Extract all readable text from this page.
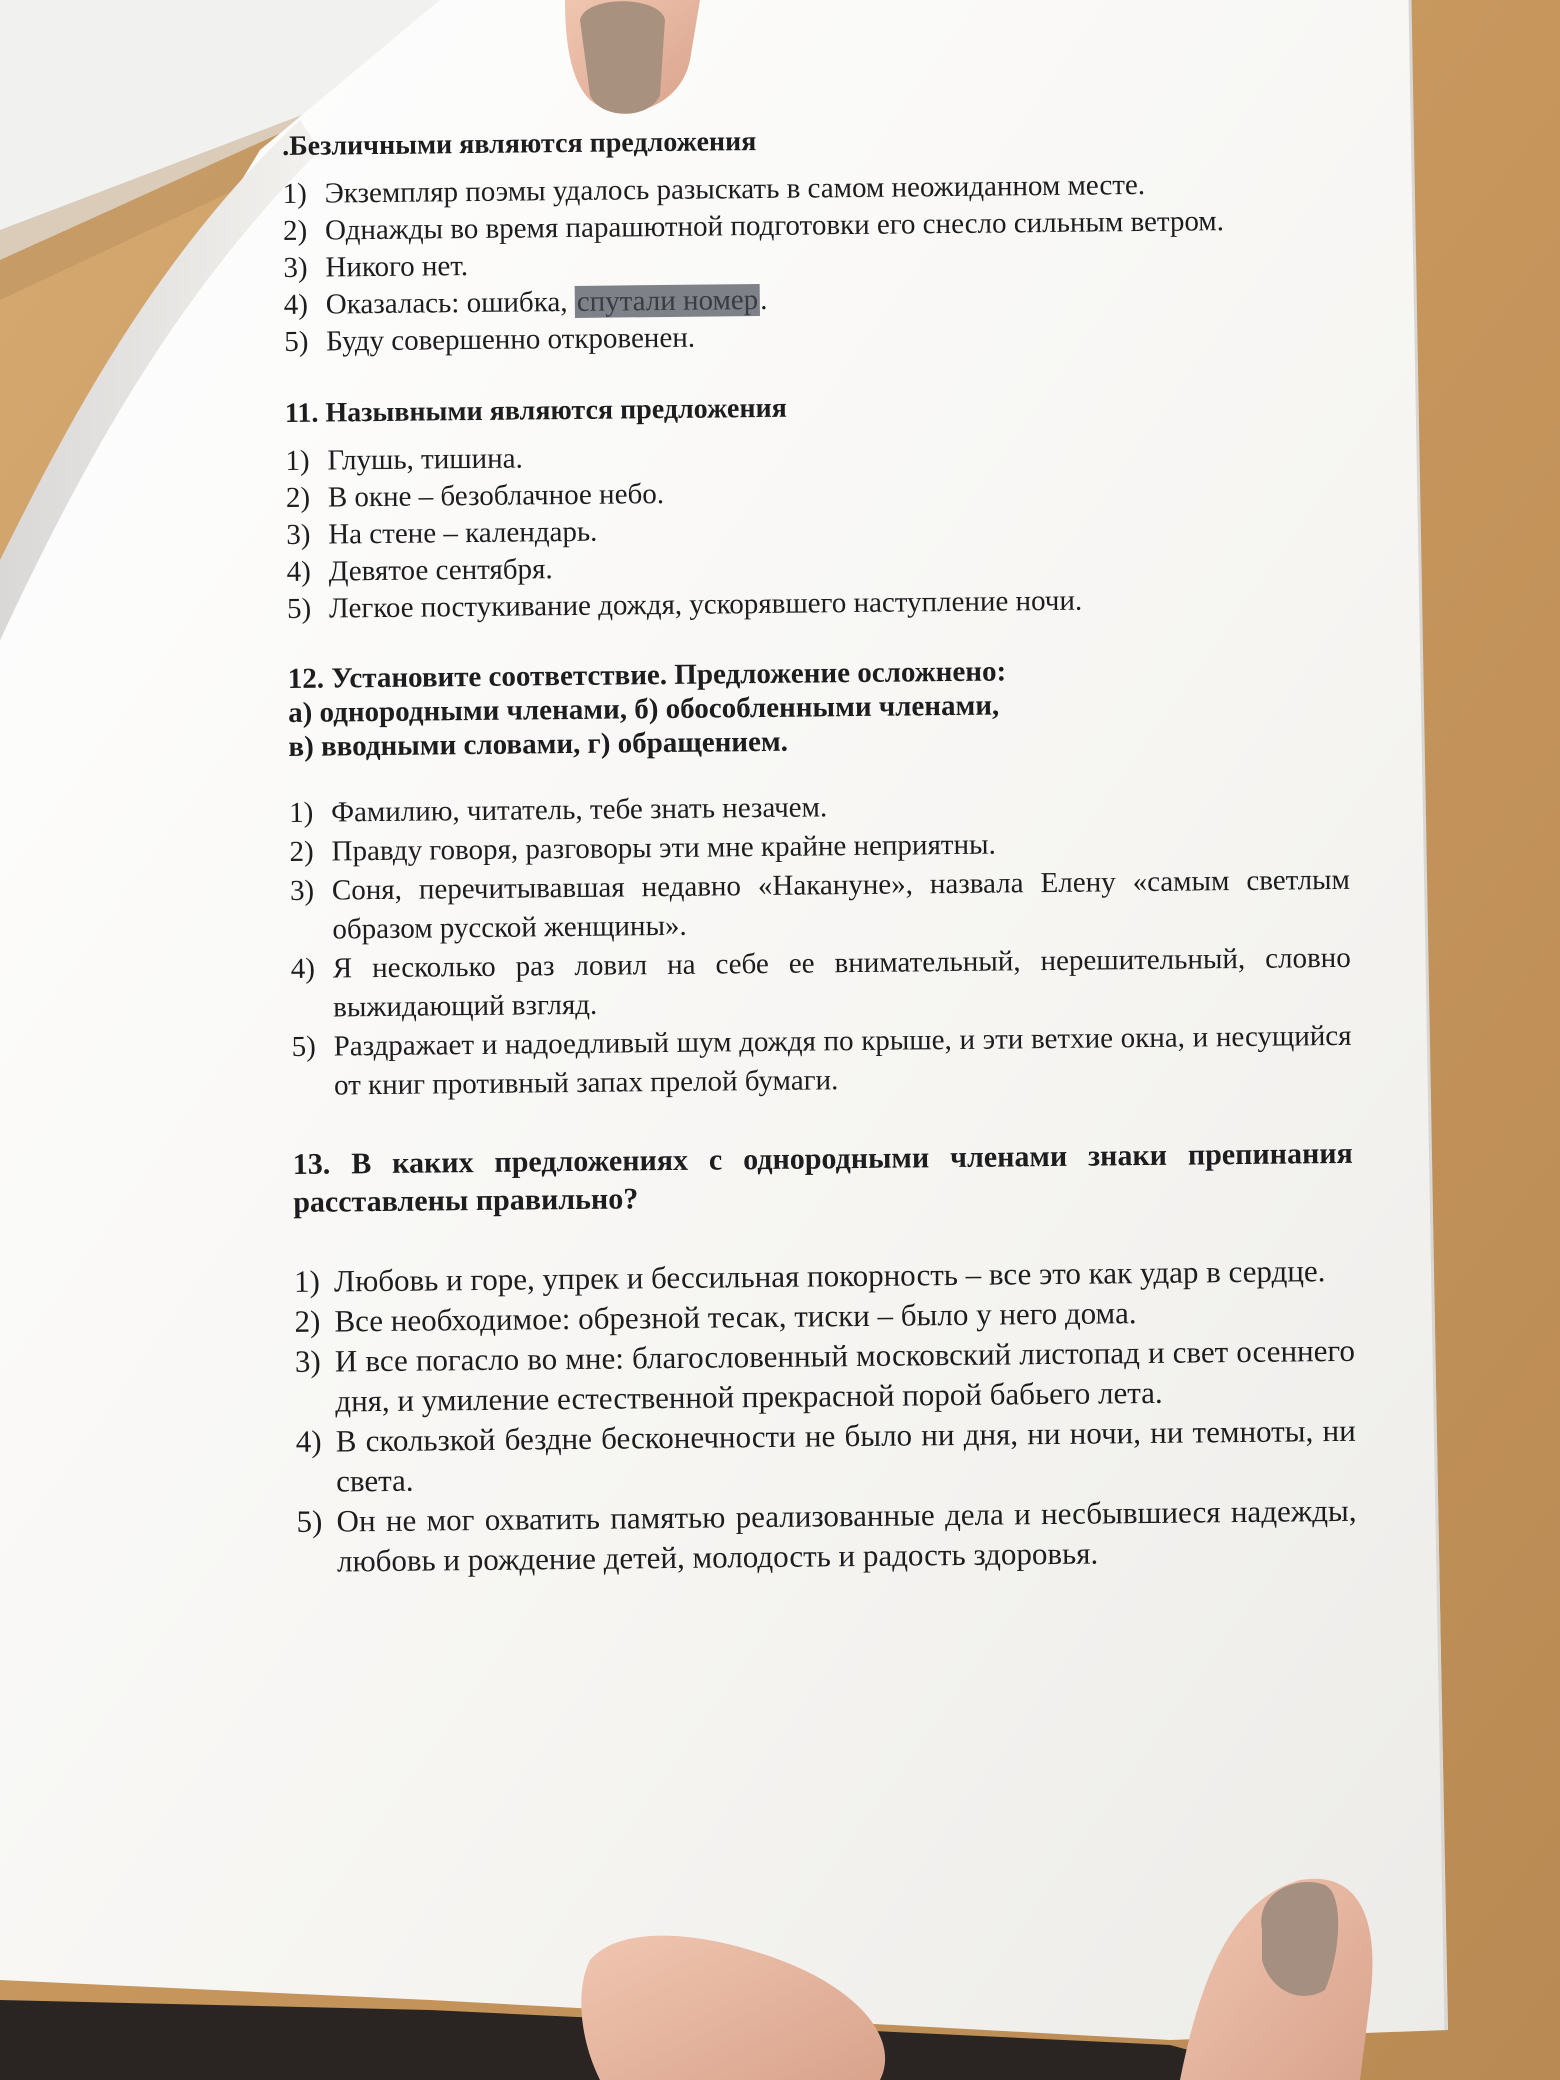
.Безличными являются предложения
1) Экземпляр поэмы удалось разыскать в самом неожиданном месте.
2) Однажды во время парашютной подготовки его снесло сильным ветром.
3) Никого нет.
4) Оказалась: ошибка, спутали номер.
5) Буду совершенно откровенен.
11. Назывными являются предложения
1) Глушь, тишина.
2) В окне – безоблачное небо.
3) На стене – календарь.
4) Девятое сентября.
5) Легкое постукивание дождя, ускорявшего наступление ночи.
12. Установите соответствие. Предложение осложнено:
а) однородными членами, б) обособленными членами,
в) вводными словами, г) обращением.
1) Фамилию, читатель, тебе знать незачем.
2) Правду говоря, разговоры эти мне крайне неприятны.
3) Соня, перечитывавшая недавно «Накануне», назвала Елену «самым светлым образом русской женщины».
4) Я несколько раз ловил на себе ее внимательный, нерешительный, словно выжидающий взгляд.
5) Раздражает и надоедливый шум дождя по крыше, и эти ветхие окна, и несущийся от книг противный запах прелой бумаги.
13. В каких предложениях с однородными членами знаки препинания расставлены правильно?
1) Любовь и горе, упрек и бессильная покорность – все это как удар в сердце.
2) Все необходимое: обрезной тесак, тиски – было у него дома.
3) И все погасло во мне: благословенный московский листопад и свет осеннего дня, и умиление естественной прекрасной порой бабьего лета.
4) В скользкой бездне бесконечности не было ни дня, ни ночи, ни темноты, ни света.
5) Он не мог охватить памятью реализованные дела и несбывшиеся надежды, любовь и рождение детей, молодость и радость здоровья.
